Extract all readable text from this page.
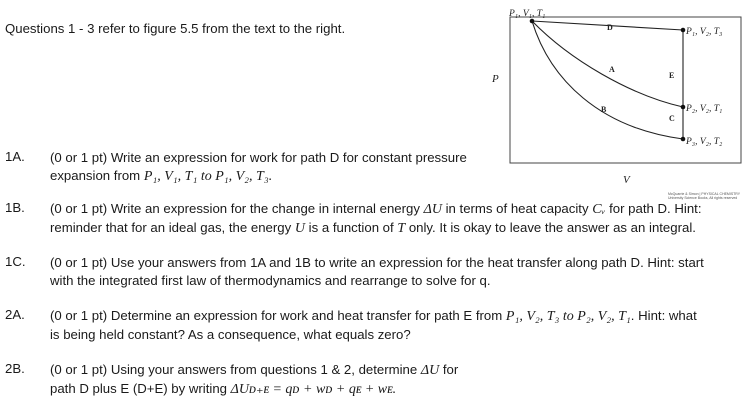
Questions 1 - 3 refer to figure 5.5 from the text to the right.
P
V
P₁, V₁, T₁
P₁, V₂, T₃
P₂, V₂, T₁
P₃, V₂, T₂
D
A
B
C
E
McQuarrie & Simon | PHYSICAL CHEMISTRY
University Science Books, All rights reserved
1A. (0 or 1 pt) Write an expression for work for path D for constant pressure
expansion from P₁, V₁, T₁ to P₁, V₂, T₃.
1B. (0 or 1 pt) Write an expression for the change in internal energy ΔU in terms of heat capacity Cᵥ for path D. Hint:
reminder that for an ideal gas, the energy U is a function of T only. It is okay to leave the answer as an integral.
1C. (0 or 1 pt) Use your answers from 1A and 1B to write an expression for the heat transfer along path D. Hint: start
with the integrated first law of thermodynamics and rearrange to solve for q.
2A. (0 or 1 pt) Determine an expression for work and heat transfer for path E from P₁, V₂, T₃ to P₂, V₂, T₁. Hint: what
is being held constant? As a consequence, what equals zero?
2B. (0 or 1 pt) Using your answers from questions 1 & 2, determine ΔU for
path D plus E (D+E) by writing ΔUᴅ₊ᴇ = qᴅ + wᴅ + qᴇ + wᴇ.
